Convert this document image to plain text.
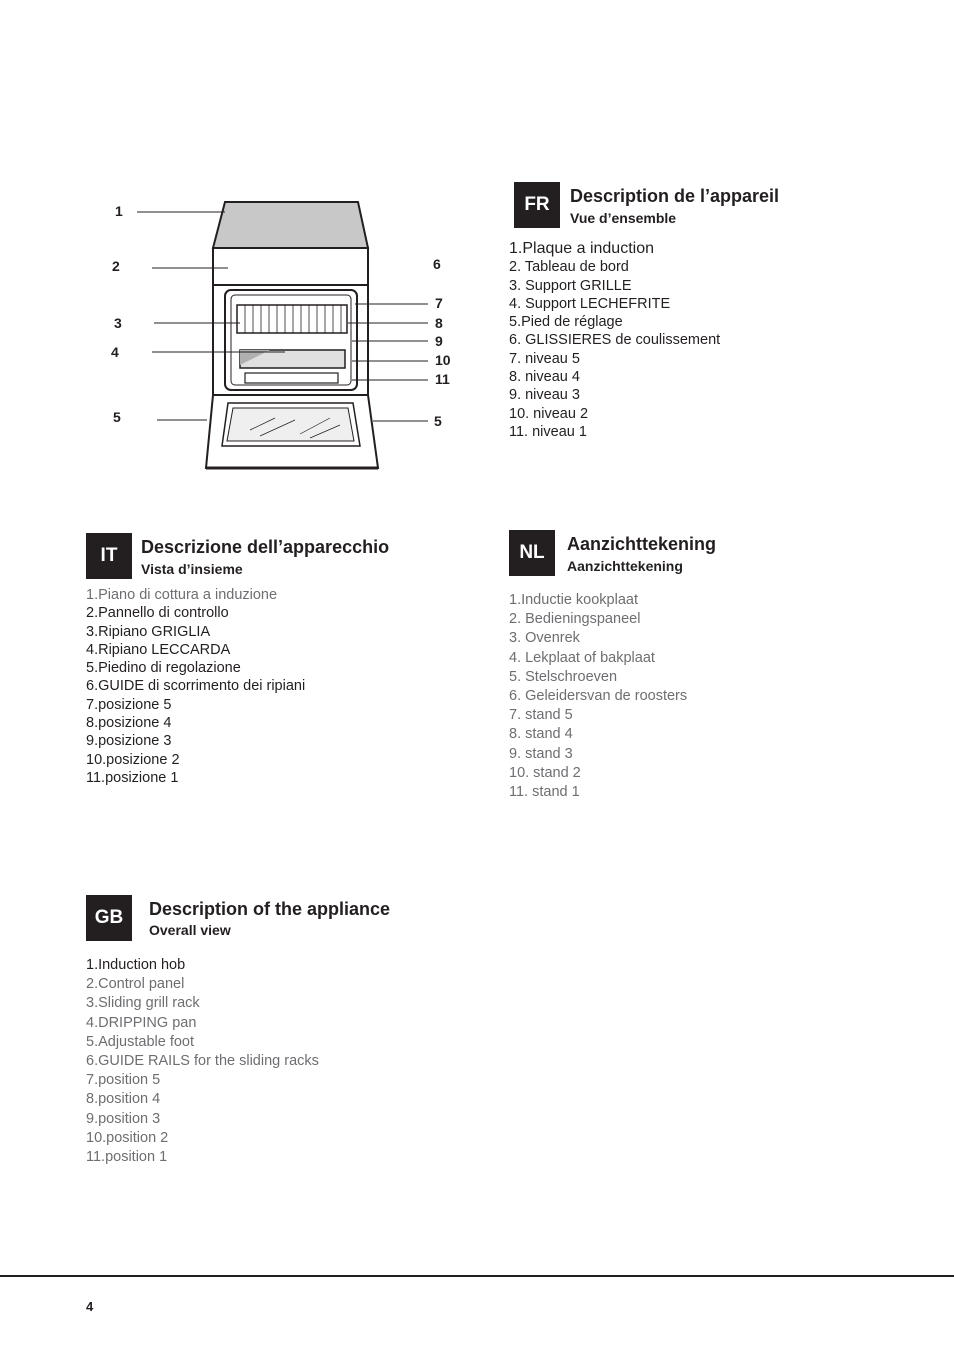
1
2
3
4
5
6
7
8
9
10
11
5
FR	Description de l’appareil
Vue d’ensemble
1.Plaque a induction
2. Tableau de bord
3. Support GRILLE
4. Support LECHEFRITE
5.Pied de réglage
6. GLISSIERES de coulissement
7. niveau 5
8. niveau 4
9. niveau 3
10. niveau 2
11. niveau 1
IT	Descrizione dell’apparecchio
Vista d’insieme
1.Piano di cottura a induzione
2.Pannello di controllo
3.Ripiano GRIGLIA
4.Ripiano LECCARDA
5.Piedino di regolazione
6.GUIDE di scorrimento dei ripiani
7.posizione 5
8.posizione 4
9.posizione 3
10.posizione 2
11.posizione 1
NL	Aanzichttekening
Aanzichttekening
1.Inductie kookplaat
2. Bedieningspaneel
3. Ovenrek
4. Lekplaat of bakplaat
5. Stelschroeven
6. Geleidersvan de roosters
7. stand 5
8. stand 4
9. stand 3
10. stand 2
11. stand 1
GB	Description of the appliance
Overall view
1.Induction hob
2.Control panel
3.Sliding grill rack
4.DRIPPING pan
5.Adjustable foot
6.GUIDE RAILS for the sliding racks
7.position 5
8.position 4
9.position 3
10.position 2
11.position 1
4
